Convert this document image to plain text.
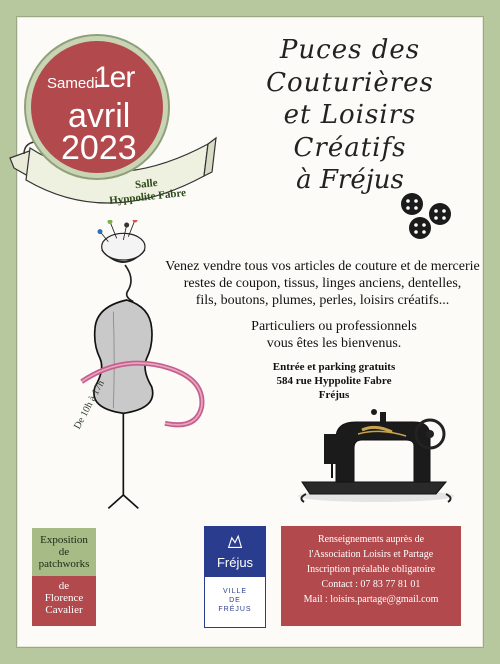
Salle
Hyppolite Fabre
Samedi
1er
avril
2023
Puces des Couturières
et Loisirs Créatifs
à Fréjus
De 10h à 17h
Venez vendre tous vos articles de couture et de mercerie
restes de coupon, tissus, linges anciens, dentelles,
fils, boutons, plumes, perles, loisirs créatifs...
Particuliers ou professionnels
vous êtes les bienvenus.
Entrée et parking gratuits
584 rue Hyppolite Fabre
Fréjus
Exposition
de
patchworks
de
Florence
Cavalier
Fréjus
VILLE
DE
FRÉJUS
Renseignements auprès de
l'Association Loisirs et Partage
Inscription préalable obligatoire
Contact : 07 83 77 81 01
Mail : loisirs.partage@gmail.com
